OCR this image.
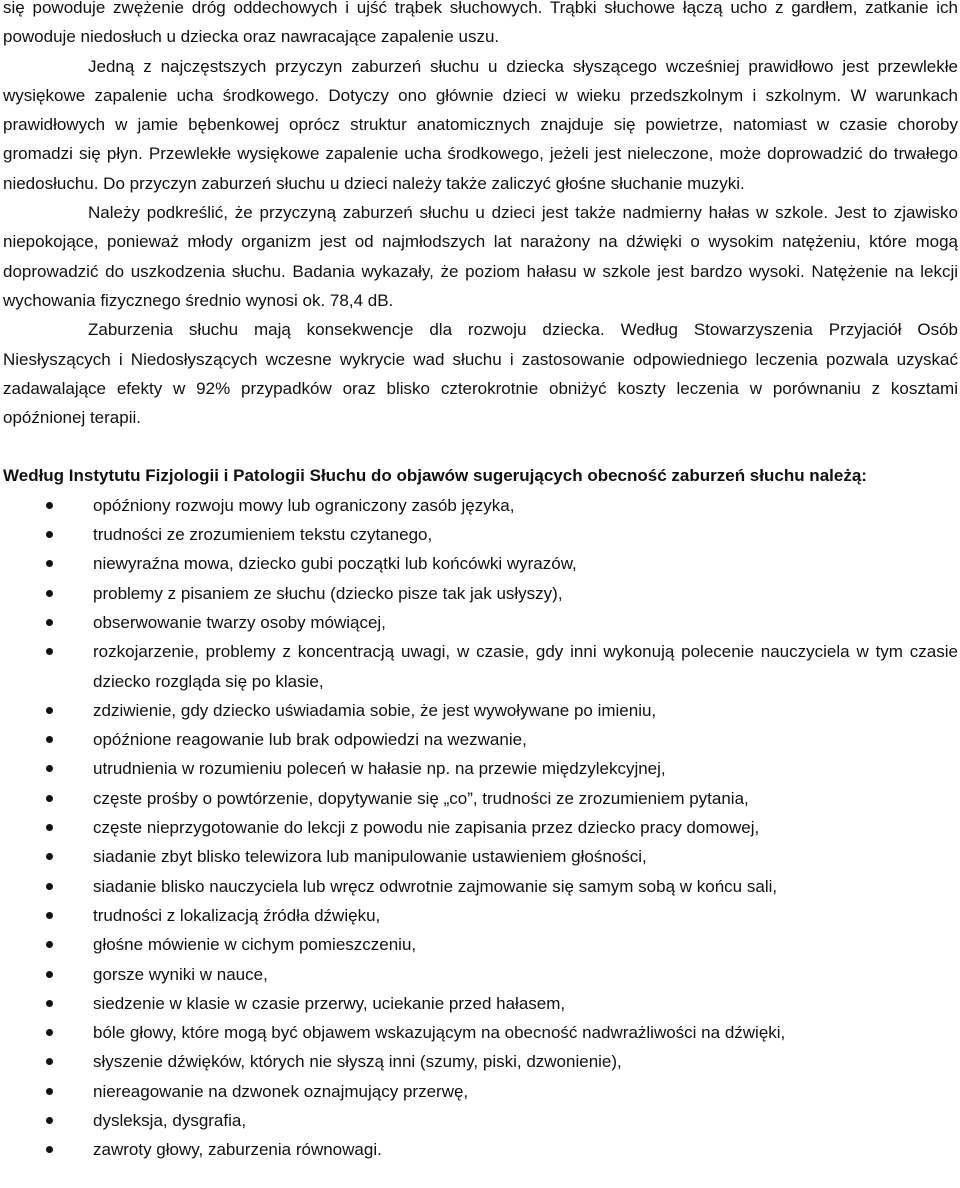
się powoduje zwężenie dróg oddechowych i ujść trąbek słuchowych. Trąbki słuchowe łączą ucho z gardłem, zatkanie ich powoduje niedosłuch u dziecka oraz nawracające zapalenie uszu.

Jedną z najczęstszych przyczyn zaburzeń słuchu u dziecka słyszącego wcześniej prawidłowo jest przewlekłe wysiękowe zapalenie ucha środkowego. Dotyczy ono głównie dzieci w wieku przedszkolnym i szkolnym. W warunkach prawidłowych w jamie bębenkowej oprócz struktur anatomicznych znajduje się powietrze, natomiast w czasie choroby gromadzi się płyn. Przewlekłe wysiękowe zapalenie ucha środkowego, jeżeli jest nieleczone, może doprowadzić do trwałego niedosłuchu. Do przyczyn zaburzeń słuchu u dzieci należy także zaliczyć głośne słuchanie muzyki.

Należy podkreślić, że przyczyną zaburzeń słuchu u dzieci jest także nadmierny hałas w szkole. Jest to zjawisko niepokojące, ponieważ młody organizm jest od najmłodszych lat narażony na dźwięki o wysokim natężeniu, które mogą doprowadzić do uszkodzenia słuchu. Badania wykazały, że poziom hałasu w szkole jest bardzo wysoki. Natężenie na lekcji wychowania fizycznego średnio wynosi ok. 78,4 dB.

Zaburzenia słuchu mają konsekwencje dla rozwoju dziecka. Według Stowarzyszenia Przyjaciół Osób Niesłyszących i Niedosłyszących wczesne wykrycie wad słuchu i zastosowanie odpowiedniego leczenia pozwala uzyskać zadawalające efekty w 92% przypadków oraz blisko czterokrotnie obniżyć koszty leczenia w porównaniu z kosztami opóźnionej terapii.

Według Instytutu Fizjologii i Patologii Słuchu do objawów sugerujących obecność zaburzeń słuchu należą:
opóźniony rozwoju mowy lub ograniczony zasób języka,
trudności ze zrozumieniem tekstu czytanego,
niewyraźna mowa, dziecko gubi początki lub końcówki wyrazów,
problemy z pisaniem ze słuchu (dziecko pisze tak jak usłyszy),
obserwowanie twarzy osoby mówiącej,
rozkojarzenie, problemy z koncentracją uwagi, w czasie, gdy inni wykonują polecenie nauczyciela w tym czasie dziecko rozgląda się po klasie,
zdziwienie, gdy dziecko uświadamia sobie, że jest wywoływane po imieniu,
opóźnione reagowanie lub brak odpowiedzi na wezwanie,
utrudnienia w rozumieniu poleceń w hałasie np. na przewie międzylekcyjnej,
częste prośby o powtórzenie, dopytywanie się „co”, trudności ze zrozumieniem pytania,
częste nieprzygotowanie do lekcji z powodu nie zapisania przez dziecko pracy domowej,
siadanie zbyt blisko telewizora lub manipulowanie ustawieniem głośności,
siadanie blisko nauczyciela lub wręcz odwrotnie zajmowanie się samym sobą w końcu sali,
trudności z lokalizacją źródła dźwięku,
głośne mówienie w cichym pomieszczeniu,
gorsze wyniki w nauce,
siedzenie w klasie w czasie przerwy, uciekanie przed hałasem,
bóle głowy, które mogą być objawem wskazującym na obecność nadwrażliwości na dźwięki,
słyszenie dźwięków, których nie słyszą inni (szumy, piski, dzwonienie),
niereagowanie na dzwonek oznajmujący przerwę,
dysleksja, dysgrafia,
zawroty głowy, zaburzenia równowagi.
